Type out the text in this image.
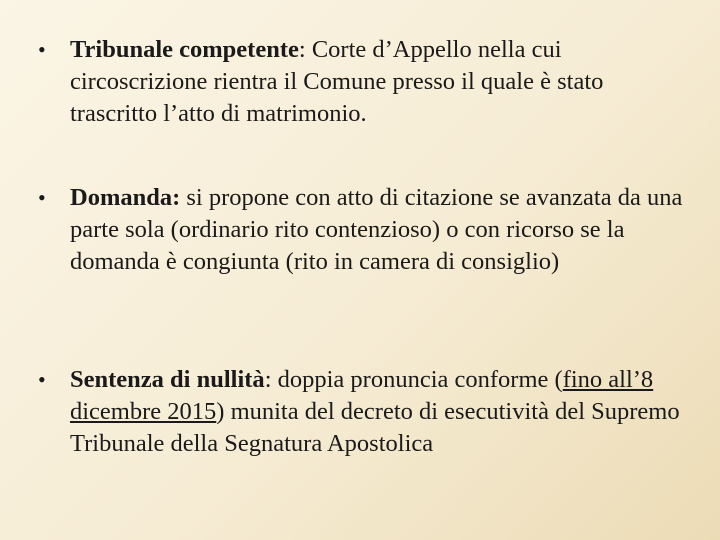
• Tribunale competente: Corte d’Appello nella cui circoscrizione rientra il Comune presso il quale è stato trascritto l’atto di matrimonio.
• Domanda: si propone con atto di citazione se avanzata da una parte sola (ordinario rito contenzioso) o con ricorso se la domanda è congiunta (rito in camera di consiglio)
• Sentenza di nullità: doppia pronuncia conforme (fino all’8 dicembre 2015) munita del decreto di esecutività del Supremo Tribunale della Segnatura Apostolica
